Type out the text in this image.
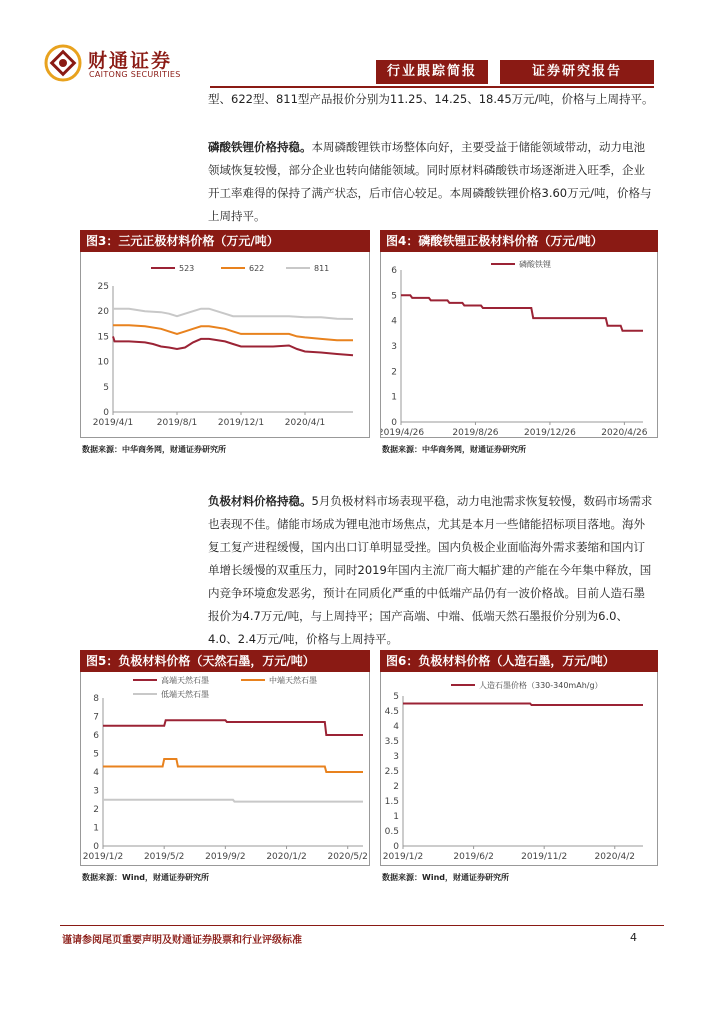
财通证券
CAITONG SECURITIES	行业跟踪简报	证券研究报告

型、622型、811型产品报价分别为11.25、14.25、18.45万元/吨，价格与上周持平。

磷酸铁锂价格持稳。本周磷酸锂铁市场整体向好，主要受益于储能领域带动，动力电池领域恢复较慢，部分企业也转向储能领域。同时原材料磷酸铁市场逐渐进入旺季，企业开工率难得的保持了满产状态，后市信心较足。本周磷酸铁锂价格3.60万元/吨，价格与上周持平。

图3：三元正极材料价格（万元/吨）
0
5
10
15
20
25
2019/4/1	2019/8/1 2019/12/1 2020/4/1
523	622	811
数据来源：中华商务网，财通证券研究所
图4：磷酸铁锂正极材料价格（万元/吨）
0
1
2
3
4
5
6
2019/4/26	2019/8/26	2019/12/26	2020/4/26
磷酸铁锂
数据来源：中华商务网，财通证券研究所

负极材料价格持稳。5月负极材料市场表现平稳，动力电池需求恢复较慢，数码市场需求也表现不佳。储能市场成为锂电池市场焦点，尤其是本月一些储能招标项目落地。海外复工复产进程缓慢，国内出口订单明显受挫。国内负极企业面临海外需求萎缩和国内订单增长缓慢的双重压力，同时2019年国内主流厂商大幅扩建的产能在今年集中释放，国内竞争环境愈发恶劣，预计在同质化严重的中低端产品仍有一波价格战。目前人造石墨报价为4.7万元/吨，与上周持平；国产高端、中端、低端天然石墨报价分别为6.0、4.0、2.4万元/吨，价格与上周持平。

图5：负极材料价格（天然石墨，万元/吨）
0
1
2
3
4
5
6
7
8
2019/1/2 2019/5/2 2019/9/2 2020/1/2 2020/5/2
高端天然石墨	中端天然石墨
低端天然石墨
数据来源：Wind，财通证券研究所
图6：负极材料价格（人造石墨，万元/吨）
0
0.5
1
1.5
2
2.5
3
3.5
4
4.5
5
2019/1/2	2019/6/2	2019/11/2	2020/4/2
人造石墨价格（330-340mAh/g）
数据来源：Wind，财通证券研究所
谨请参阅尾页重要声明及财通证券股票和行业评级标准	4
